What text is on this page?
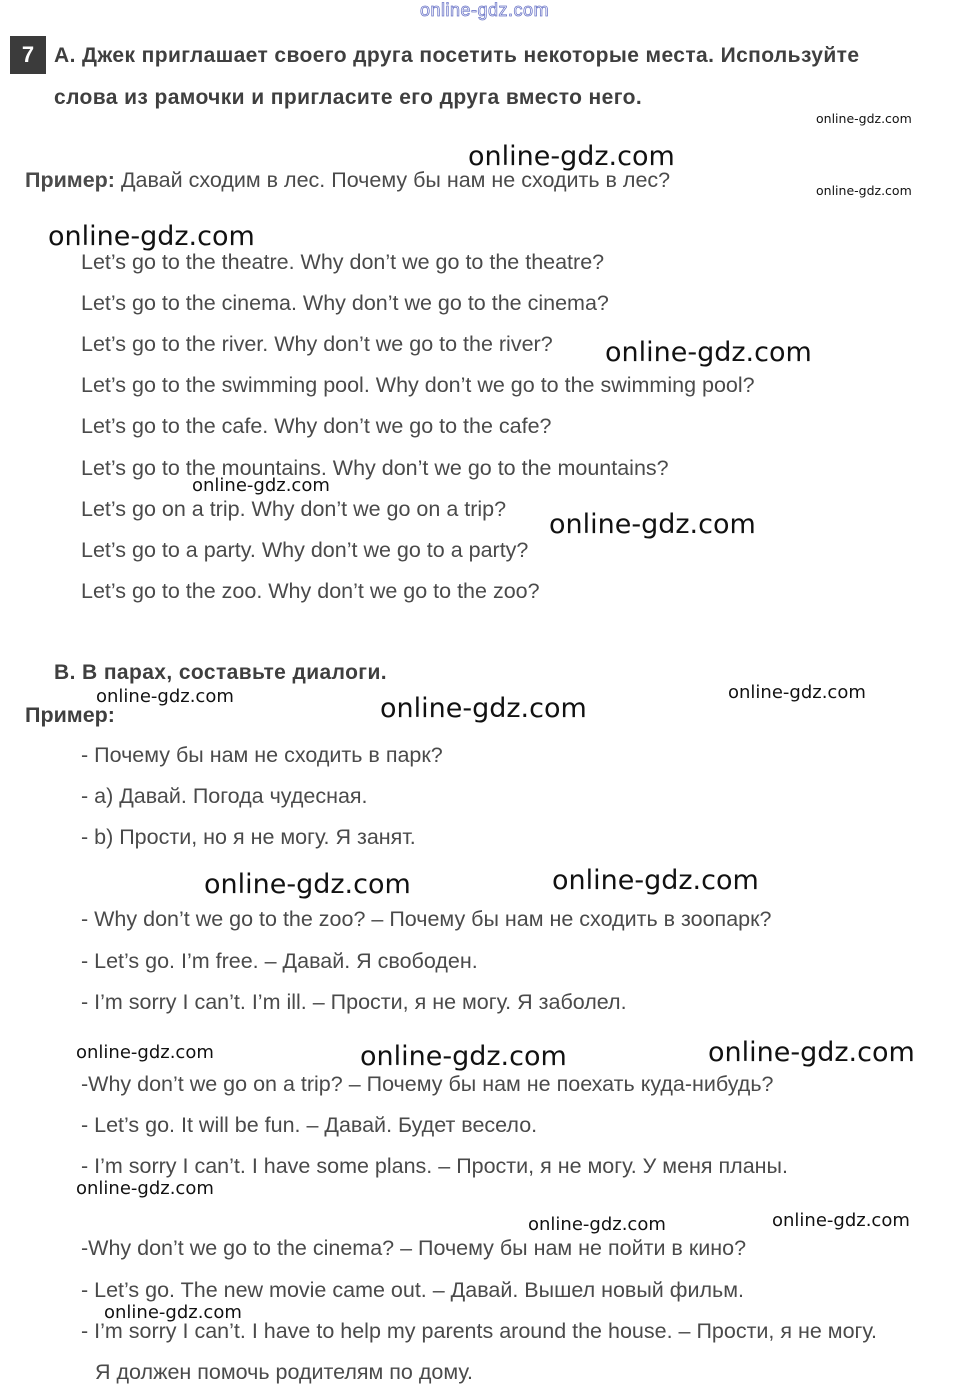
online-gdz.com
7 A. Джек приглашает своего друга посетить некоторые места. Используйте
слова из рамочки и пригласите его друга вместо него.
Пример: Давай сходим в лес. Почему бы нам не сходить в лес?
Let’s go to the theatre. Why don’t we go to the theatre?
Let’s go to the cinema. Why don’t we go to the cinema?
Let’s go to the river. Why don’t we go to the river?
Let’s go to the swimming pool. Why don’t we go to the swimming pool?
Let’s go to the cafe. Why don’t we go to the cafe?
Let’s go to the mountains. Why don’t we go to the mountains?
Let’s go on a trip. Why don’t we go on a trip?
Let’s go to a party. Why don’t we go to a party?
Let’s go to the zoo. Why don’t we go to the zoo?
B. В парах, составьте диалоги.
Пример:
- Почему бы нам не сходить в парк?
- a) Давай. Погода чудесная.
- b) Прости, но я не могу. Я занят.
- Why don’t we go to the zoo? – Почему бы нам не сходить в зоопарк?
- Let’s go. I’m free. – Давай. Я свободен.
- I’m sorry I can’t. I’m ill. – Прости, я не могу. Я заболел.
-Why don’t we go on a trip? – Почему бы нам не поехать куда-нибудь?
- Let’s go. It will be fun. – Давай. Будет весело.
- I’m sorry I can’t. I have some plans. – Прости, я не могу. У меня планы.
-Why don’t we go to the cinema? – Почему бы нам не пойти в кино?
- Let’s go. The new movie came out. – Давай. Вышел новый фильм.
- I’m sorry I can’t. I have to help my parents around the house. – Прости, я не могу.
Я должен помочь родителям по дому.
online-gdz.com
online-gdz.com
online-gdz.com
online-gdz.com
online-gdz.com
online-gdz.com
online-gdz.com
online-gdz.com	online-gdz.com
online-gdz.com
online-gdz.com	online-gdz.com
online-gdz.com	online-gdz.com	online-gdz.com
online-gdz.com
online-gdz.com	online-gdz.com
online-gdz.com
